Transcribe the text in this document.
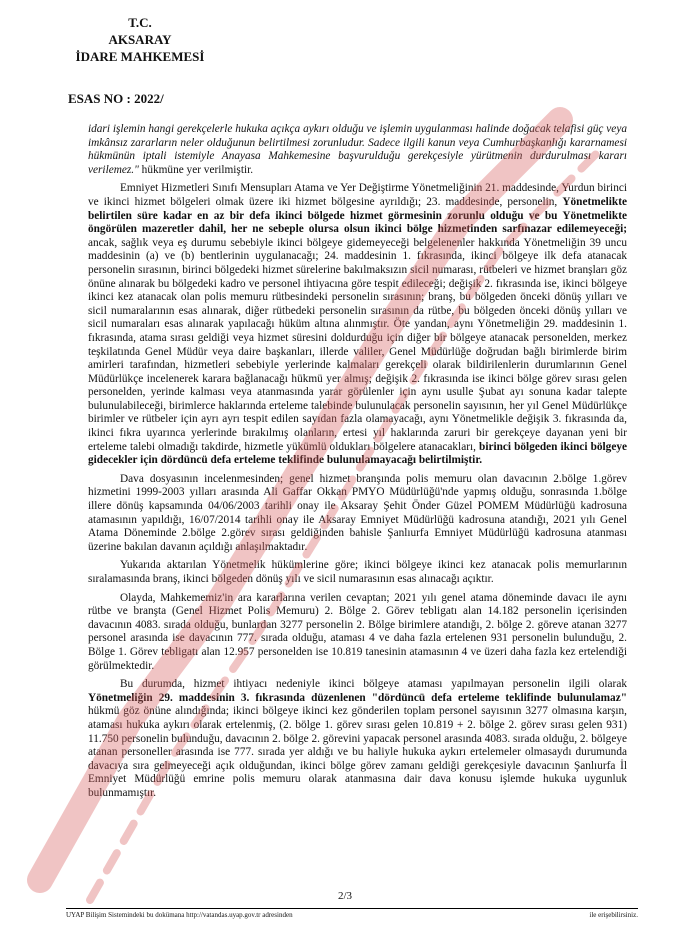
T.C.
AKSARAY
İDARE MAHKEMESİ
ESAS NO : 2022/

idari işlemin hangi gerekçelerle hukuka açıkça aykırı olduğu ve işlemin uygulanması halinde doğacak telafisi güç veya imkânsız zararların neler olduğunun belirtilmesi zorunludur. Sadece ilgili kanun veya Cumhurbaşkanlığı kararnamesi hükmünün iptali istemiyle Anayasa Mahkemesine başvurulduğu gerekçesiyle yürütmenin durdurulması kararı verilemez." hükmüne yer verilmiştir.

Emniyet Hizmetleri Sınıfı Mensupları Atama ve Yer Değiştirme Yönetmeliğinin 21. maddesinde, Yurdun birinci ve ikinci hizmet bölgeleri olmak üzere iki hizmet bölgesine ayrıldığı; 23. maddesinde, personelin, Yönetmelikte belirtilen süre kadar en az bir defa ikinci bölgede hizmet görmesinin zorunlu olduğu ve bu Yönetmelikte öngörülen mazeretler dahil, her ne sebeple olursa olsun ikinci bölge hizmetinden sarfınazar edilemeyeceği; ancak, sağlık veya eş durumu sebebiyle ikinci bölgeye gidemeyeceği belgelenenler hakkında Yönetmeliğin 39 uncu maddesinin (a) ve (b) bentlerinin uygulanacağı; 24. maddesinin 1. fıkrasında, ikinci bölgeye ilk defa atanacak personelin sırasının, birinci bölgedeki hizmet sürelerine bakılmaksızın sicil numarası, rütbeleri ve hizmet branşları göz önüne alınarak bu bölgedeki kadro ve personel ihtiyacına göre tespit edileceği; değişik 2. fıkrasında ise, ikinci bölgeye ikinci kez atanacak olan polis memuru rütbesindeki personelin sırasının; branş, bu bölgeden önceki dönüş yılları ve sicil numaralarının esas alınarak, diğer rütbedeki personelin sırasının da rütbe, bu bölgeden önceki dönüş yılları ve sicil numaraları esas alınarak yapılacağı hüküm altına alınmıştır. Öte yandan, aynı Yönetmeliğin 29. maddesinin 1. fıkrasında, atama sırası geldiği veya hizmet süresini doldurduğu için diğer bir bölgeye atanacak personelden, merkez teşkilatında Genel Müdür veya daire başkanları, illerde valiler, Genel Müdürlüğe doğrudan bağlı birimlerde birim amirleri tarafından, hizmetleri sebebiyle yerlerinde kalmaları gerekçeli olarak bildirilenlerin durumlarının Genel Müdürlükçe incelenerek karara bağlanacağı hükmü yer almış; değişik 2. fıkrasında ise ikinci bölge görev sırası gelen personelden, yerinde kalması veya atanmasında yarar görülenler için aynı usulle Şubat ayı sonuna kadar talepte bulunulabileceği, birimlerce haklarında erteleme talebinde bulunulacak personelin sayısının, her yıl Genel Müdürlükçe birimler ve rütbeler için ayrı ayrı tespit edilen sayıdan fazla olamayacağı, aynı Yönetmelikle değişik 3. fıkrasında da, ikinci fıkra uyarınca yerlerinde bırakılmış olanların, ertesi yıl haklarında zaruri bir gerekçeye dayanan yeni bir erteleme talebi olmadığı takdirde, hizmetle yükümlü oldukları bölgelere atanacakları, birinci bölgeden ikinci bölgeye gidecekler için dördüncü defa erteleme teklifinde bulunulamayacağı belirtilmiştir.

Dava dosyasının incelenmesinden; genel hizmet branşında polis memuru olan davacının 2.bölge 1.görev hizmetini 1999-2003 yılları arasında Ali Gaffar Okkan PMYO Müdürlüğü'nde yapmış olduğu, sonrasında 1.bölge illere dönüş kapsamında 04/06/2003 tarihli onay ile Aksaray Şehit Önder Güzel POMEM Müdürlüğü kadrosuna atamasının yapıldığı, 16/07/2014 tarihli onay ile Aksaray Emniyet Müdürlüğü kadrosuna atandığı, 2021 yılı Genel Atama Döneminde 2.bölge 2.görev sırası geldiğinden bahisle Şanlıurfa Emniyet Müdürlüğü kadrosuna atanması üzerine bakılan davanın açıldığı anlaşılmaktadır.

Yukarıda aktarılan Yönetmelik hükümlerine göre; ikinci bölgeye ikinci kez atanacak polis memurlarının sıralamasında branş, ikinci bölgeden dönüş yılı ve sicil numarasının esas alınacağı açıktır.

Olayda, Mahkememiz'in ara kararlarına verilen cevaptan; 2021 yılı genel atama döneminde davacı ile aynı rütbe ve branşta (Genel Hizmet Polis Memuru) 2. Bölge 2. Görev tebligatı alan 14.182 personelin içerisinden davacının 4083. sırada olduğu, bunlardan 3277 personelin 2. Bölge birimlere atandığı, 2. bölge 2. göreve atanan 3277 personel arasında ise davacının 777. sırada olduğu, ataması 4 ve daha fazla ertelenen 931 personelin bulunduğu, 2. Bölge 1. Görev tebligatı alan 12.957 personelden ise 10.819 tanesinin atamasının 4 ve üzeri daha fazla kez ertelendiği görülmektedir.

Bu durumda, hizmet ihtiyacı nedeniyle ikinci bölgeye ataması yapılmayan personelin ilgili olarak Yönetmeliğin 29. maddesinin 3. fıkrasında düzenlenen "dördüncü defa erteleme teklifinde bulunulamaz" hükmü göz önüne alındığında; ikinci bölgeye ikinci kez gönderilen toplam personel sayısının 3277 olmasına karşın, ataması hukuka aykırı olarak ertelenmiş, (2. bölge 1. görev sırası gelen 10.819 + 2. bölge 2. görev sırası gelen 931) 11.750 personelin bulunduğu, davacının 2. bölge 2. görevini yapacak personel arasında 4083. sırada olduğu, 2. bölgeye atanan personeller arasında ise 777. sırada yer aldığı ve bu haliyle hukuka aykırı ertelemeler olmasaydı durumunda davacıya sıra gelmeyeceği açık olduğundan, ikinci bölge görev zamanı geldiği gerekçesiyle davacının Şanlıurfa İl Emniyet Müdürlüğü emrine polis memuru olarak atanmasına dair dava konusu işlemde hukuka uygunluk bulunmamıştır.

2/3
UYAP Bilişim Sistemindeki bu dokümana http://vatandas.uyap.gov.tr adresinden	ile erişebilirsiniz.
